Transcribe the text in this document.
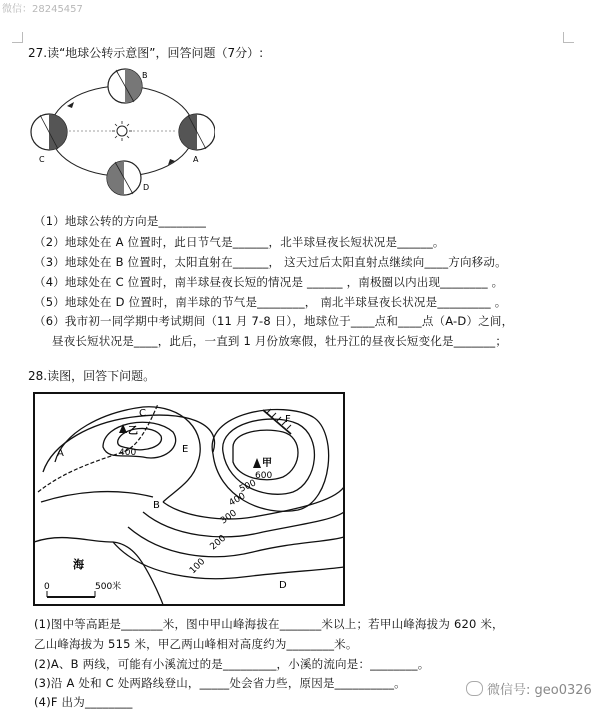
微信：28245457
27.读“地球公转示意图”，回答问题（7分）:
B
C
D
A
（1）地球公转的方向是________
（2）地球处在 A 位置时，此日节气是______，北半球昼夜长短状况是______。
（3）地球处在 B 位置时，太阳直射在______， 这天过后太阳直射点继续向____方向移动。
（4）地球处在 C 位置时，南半球昼夜长短的情况是 ______ ，南极圈以内出现________ 。
（5）地球处在 D 位置时，南半球的节气是________， 南北半球昼夜长状况是_________ 。
（6）我市初一同学期中考试期间（11 月 7-8 日），地球位于____点和____点（A-D）之间，
昼夜长短状况是____，此后，一直到 1 月份放寒假，牡丹江的昼夜长短变化是_______；
28.读图，回答下问题。
乙
甲
C
A
B
E
F
D
400
600
500
400
300
200
100
海
0	500米
(1)图中等高距是_______米，图中甲山峰海拔在_______米以上；若甲山峰海拔为 620 米，
乙山峰海拔为 515 米，甲乙两山峰相对高度约为________米。
(2)A、B 两线，可能有小溪流过的是_________，小溪的流向是：________。
(3)沿 A 处和 C 处两路线登山，_____处会省力些，原因是__________。
(4)F 出为________
微信号: geo0326
